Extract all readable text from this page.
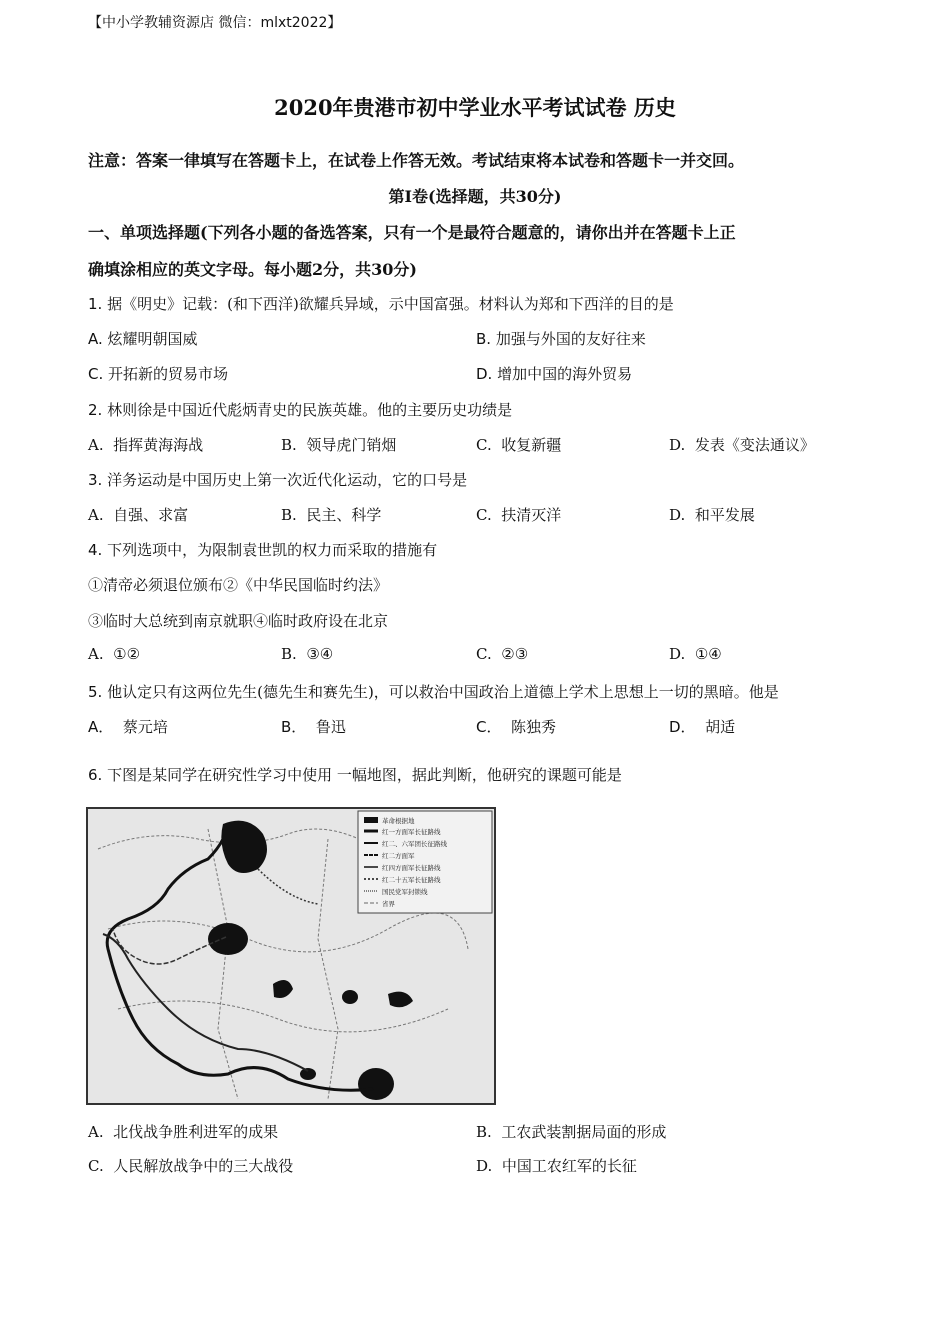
【中小学教辅资源店 微信：mlxt2022】
2020年贵港市初中学业水平考试试卷 历史
注意：答案一律填写在答题卡上，在试卷上作答无效。考试结束将本试卷和答题卡一并交回。
第Ⅰ卷(选择题，共30分)
一、单项选择题(下列各小题的备选答案，只有一个是最符合题意的，请你出并在答题卡上正
确填涂相应的英文字母。每小题2分，共30分)
1. 据《明史》记载：(和下西洋)欲耀兵异域，示中国富强。材料认为郑和下西洋的目的是
A. 炫耀明朝国威	B. 加强与外国的友好往来
C. 开拓新的贸易市场	D. 增加中国的海外贸易
2. 林则徐是中国近代彪炳青史的民族英雄。他的主要历史功绩是
A. 指挥黄海海战	B. 领导虎门销烟	C. 收复新疆	D. 发表《变法通议》
3. 洋务运动是中国历史上第一次近代化运动，它的口号是
A. 自强、求富	B. 民主、科学	C. 扶清灭洋	D. 和平发展
4. 下列选项中，为限制袁世凯的权力而采取的措施有
①清帝必须退位颁布②《中华民国临时约法》
③临时大总统到南京就职④临时政府设在北京
A. ①②	B. ③④	C. ②③	D. ①④
5. 他认定只有这两位先生(德先生和赛先生)，可以救治中国政治上道德上学术上思想上一切的黑暗。他是
A． 蔡元培	B． 鲁迅	C． 陈独秀	D． 胡适
6. 下图是某同学在研究性学习中使用 一幅地图，据此判断，他研究的课题可能是
革命根据地
红一方面军长征路线
红二、六军团长征路线
红二方面军
红四方面军长征路线
红二十五军长征路线
国民党军封锁线
省界
A. 北伐战争胜利进军的成果	B. 工农武装割据局面的形成
C. 人民解放战争中的三大战役	D. 中国工农红军的长征
